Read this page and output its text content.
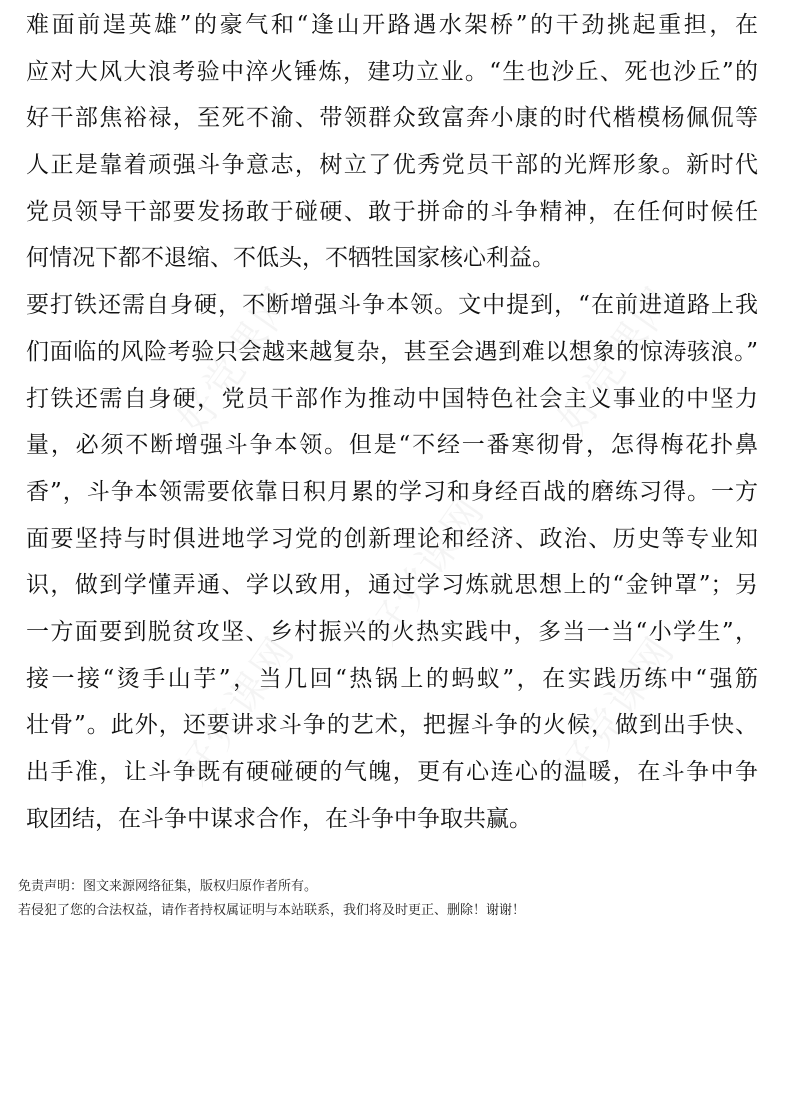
难面前逞英雄”的豪气和“逢山开路遇水架桥”的干劲挑起重担，在
应对大风大浪考验中淬火锤炼，建功立业。“生也沙丘、死也沙丘”的
好干部焦裕禄，至死不渝、带领群众致富奔小康的时代楷模杨佩侃等
人正是靠着顽强斗争意志，树立了优秀党员干部的光辉形象。新时代
党员领导干部要发扬敢于碰硬、敢于拼命的斗争精神，在任何时候任
何情况下都不退缩、不低头，不牺牲国家核心利益。
要打铁还需自身硬，不断增强斗争本领。文中提到，“在前进道路上我
们面临的风险考验只会越来越复杂，甚至会遇到难以想象的惊涛骇浪。”
打铁还需自身硬，党员干部作为推动中国特色社会主义事业的中坚力
量，必须不断增强斗争本领。但是“不经一番寒彻骨，怎得梅花扑鼻
香”，斗争本领需要依靠日积月累的学习和身经百战的磨练习得。一方
面要坚持与时俱进地学习党的创新理论和经济、政治、历史等专业知
识，做到学懂弄通、学以致用，通过学习炼就思想上的“金钟罩”；另
一方面要到脱贫攻坚、乡村振兴的火热实践中，多当一当“小学生”，
接一接“烫手山芋”，当几回“热锅上的蚂蚁”，在实践历练中“强筋
壮骨”。此外，还要讲求斗争的艺术，把握斗争的火候，做到出手快、
出手准，让斗争既有硬碰硬的气魄，更有心连心的温暖，在斗争中争
取团结，在斗争中谋求合作，在斗争中争取共赢。
免责声明：图文来源网络征集，版权归原作者所有。
若侵犯了您的合法权益，请作者持权属证明与本站联系，我们将及时更正、删除！谢谢！
